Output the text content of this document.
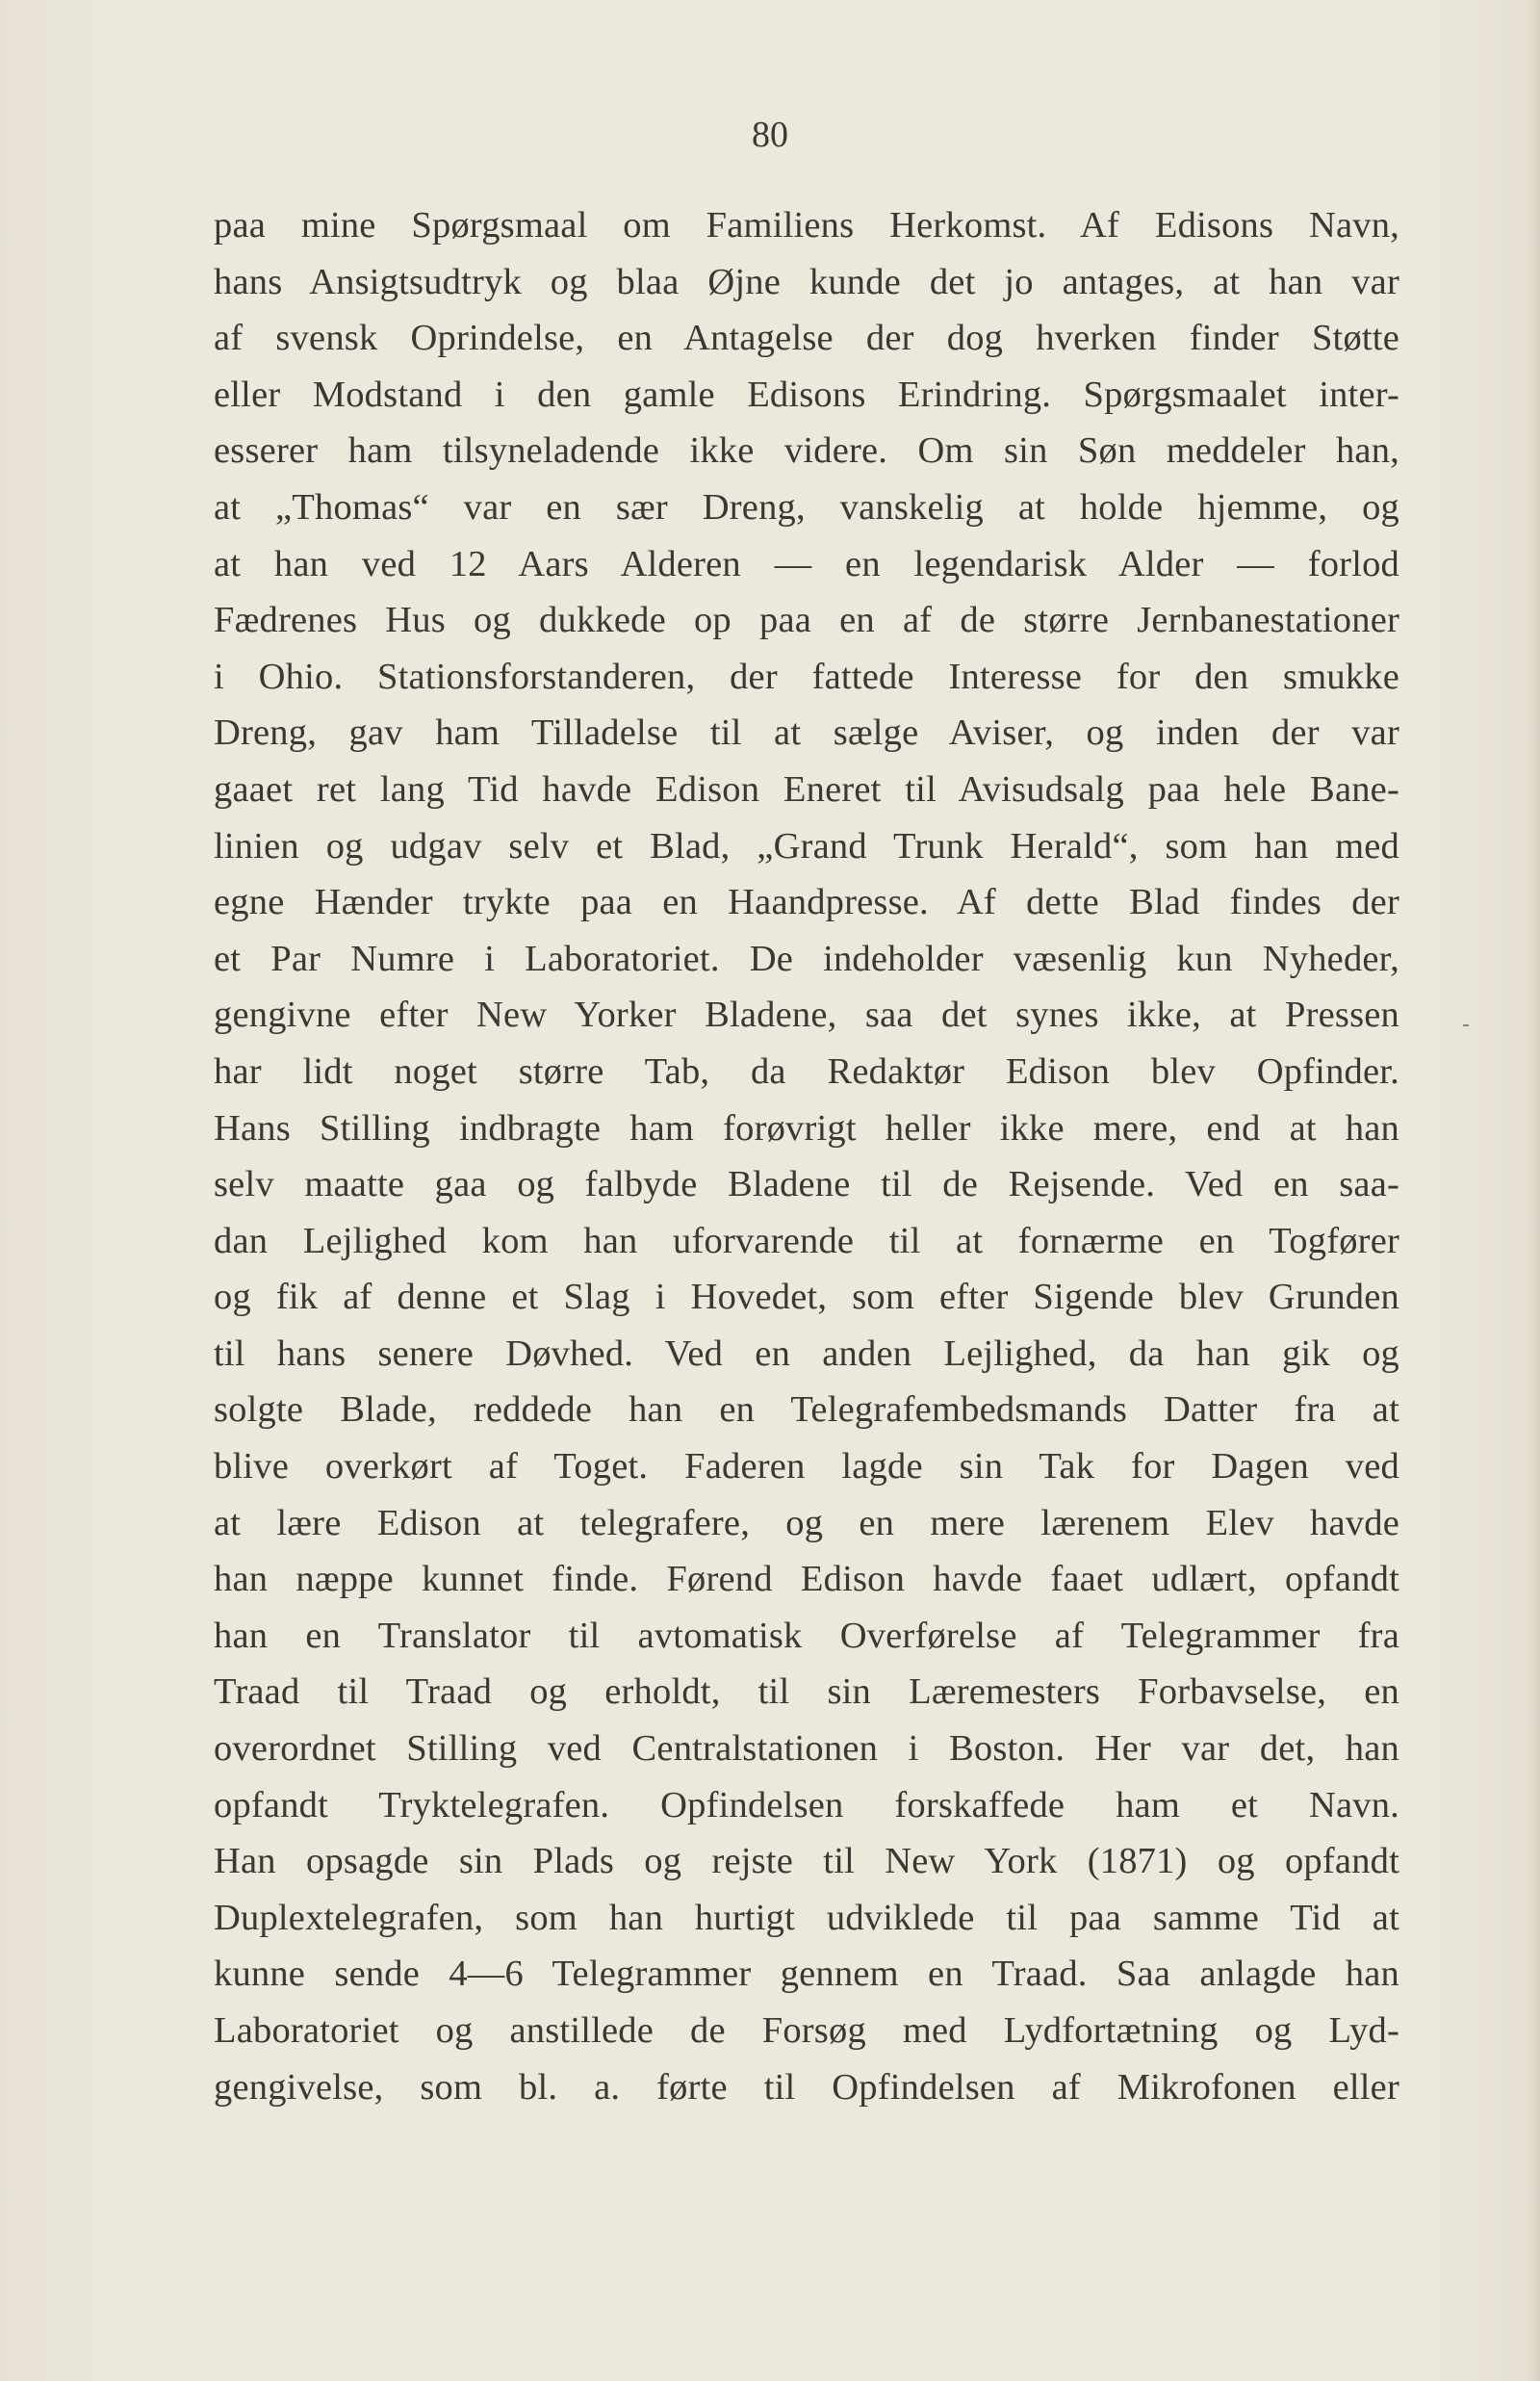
80
paa mine Spørgsmaal om Familiens Herkomst. Af Edisons Navn,
hans Ansigtsudtryk og blaa Øjne kunde det jo antages, at han var
af svensk Oprindelse, en Antagelse der dog hverken finder Støtte
eller Modstand i den gamle Edisons Erindring. Spørgsmaalet inter-
esserer ham tilsyneladende ikke videre. Om sin Søn meddeler han,
at „Thomas“ var en sær Dreng, vanskelig at holde hjemme, og
at han ved 12 Aars Alderen — en legendarisk Alder — forlod
Fædrenes Hus og dukkede op paa en af de større Jernbanestationer
i Ohio. Stationsforstanderen, der fattede Interesse for den smukke
Dreng, gav ham Tilladelse til at sælge Aviser, og inden der var
gaaet ret lang Tid havde Edison Eneret til Avisudsalg paa hele Bane-
linien og udgav selv et Blad, „Grand Trunk Herald“, som han med
egne Hænder trykte paa en Haandpresse. Af dette Blad findes der
et Par Numre i Laboratoriet. De indeholder væsenlig kun Nyheder,
gengivne efter New Yorker Bladene, saa det synes ikke, at Pressen
har lidt noget større Tab, da Redaktør Edison blev Opfinder.
Hans Stilling indbragte ham forøvrigt heller ikke mere, end at han
selv maatte gaa og falbyde Bladene til de Rejsende. Ved en saa-
dan Lejlighed kom han uforvarende til at fornærme en Togfører
og fik af denne et Slag i Hovedet, som efter Sigende blev Grunden
til hans senere Døvhed. Ved en anden Lejlighed, da han gik og
solgte Blade, reddede han en Telegrafembedsmands Datter fra at
blive overkørt af Toget. Faderen lagde sin Tak for Dagen ved
at lære Edison at telegrafere, og en mere lærenem Elev havde
han næppe kunnet finde. Førend Edison havde faaet udlært, opfandt
han en Translator til avtomatisk Overførelse af Telegrammer fra
Traad til Traad og erholdt, til sin Læremesters Forbavselse, en
overordnet Stilling ved Centralstationen i Boston. Her var det, han
opfandt Tryktelegrafen. Opfindelsen forskaffede ham et Navn.
Han opsagde sin Plads og rejste til New York (1871) og opfandt
Duplextelegrafen, som han hurtigt udviklede til paa samme Tid at
kunne sende 4—6 Telegrammer gennem en Traad. Saa anlagde han
Laboratoriet og anstillede de Forsøg med Lydfortætning og Lyd-
gengivelse, som bl. a. førte til Opfindelsen af Mikrofonen eller
